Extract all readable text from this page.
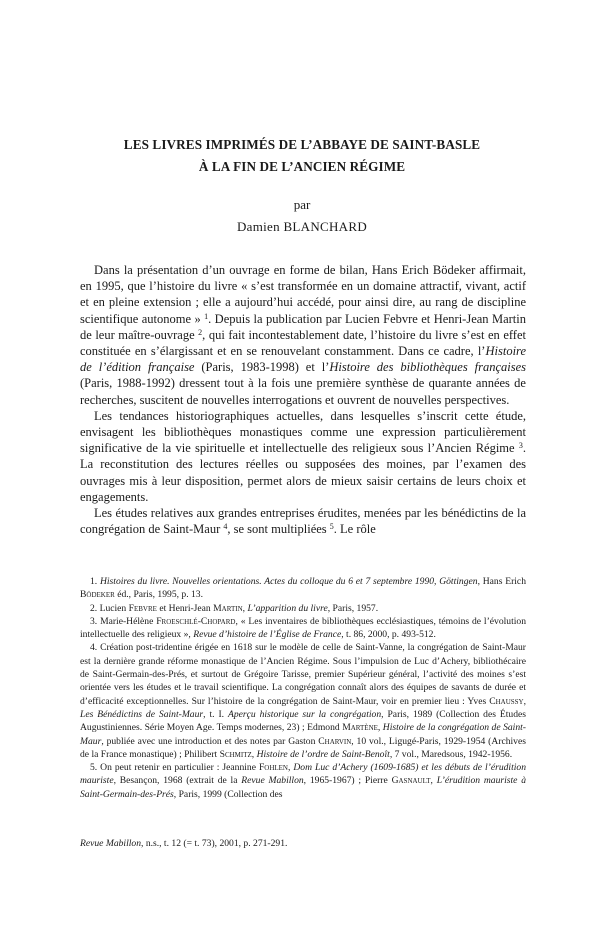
LES LIVRES IMPRIMÉS DE L’ABBAYE DE SAINT-BASLE
À LA FIN DE L’ANCIEN RÉGIME
par
Damien BLANCHARD

Dans la présentation d’un ouvrage en forme de bilan, Hans Erich Bödeker affirmait, en 1995, que l’histoire du livre « s’est transformée en un domaine attractif, vivant, actif et en pleine extension ; elle a aujourd’hui accédé, pour ainsi dire, au rang de discipline scientifique autonome » $^1$. Depuis la publication par Lucien Febvre et Henri-Jean Martin de leur maître-ouvrage $^2$, qui fait incontestablement date, l’histoire du livre s’est en effet constituée en s’élargissant et en se renouvelant constamment. Dans ce cadre, l’Histoire de l’édition française (Paris, 1983-1998) et l’Histoire des bibliothèques françaises (Paris, 1988-1992) dressent tout à la fois une première synthèse de quarante années de recherches, suscitent de nouvelles interrogations et ouvrent de nouvelles perspectives.

Les tendances historiographiques actuelles, dans lesquelles s’inscrit cette étude, envisagent les bibliothèques monastiques comme une expression particulièrement significative de la vie spirituelle et intellectuelle des religieux sous l’Ancien Régime $^3$. La reconstitution des lectures réelles ou supposées des moines, par l’examen des ouvrages mis à leur disposition, permet alors de mieux saisir certains de leurs choix et engagements.

Les études relatives aux grandes entreprises érudites, menées par les bénédictins de la congrégation de Saint-Maur $^4$, se sont multipliées $^5$. Le rôle

1. Histoires du livre. Nouvelles orientations. Actes du colloque du 6 et 7 septembre 1990, Göttingen, Hans Erich Bödeker éd., Paris, 1995, p. 13.

2. Lucien Febvre et Henri-Jean Martin, L’apparition du livre, Paris, 1957.

3. Marie-Hélène Froeschlé-Chopard, « Les inventaires de bibliothèques ecclésiastiques, témoins de l’évolution intellectuelle des religieux », Revue d’histoire de l’Église de France, t. 86, 2000, p. 493-512.

4. Création post-tridentine érigée en 1618 sur le modèle de celle de Saint-Vanne, la congrégation de Saint-Maur est la dernière grande réforme monastique de l’Ancien Régime. Sous l’impulsion de Luc d’Achery, bibliothécaire de Saint-Germain-des-Prés, et surtout de Grégoire Tarisse, premier Supérieur général, l’activité des moines s’est orientée vers les études et le travail scientifique. La congrégation connaît alors des équipes de savants de durée et d’efficacité exceptionnelles. Sur l’histoire de la congrégation de Saint-Maur, voir en premier lieu : Yves Chaussy, Les Bénédictins de Saint-Maur, t. I. Aperçu historique sur la congrégation, Paris, 1989 (Collection des Études Augustiniennes. Série Moyen Age. Temps modernes, 23) ; Edmond Martène, Histoire de la congrégation de Saint-Maur, publiée avec une introduction et des notes par Gaston Charvin, 10 vol., Ligugé-Paris, 1929-1954 (Archives de la France monastique) ; Philibert Schmitz, Histoire de l’ordre de Saint-Benoît, 7 vol., Maredsous, 1942-1956.

5. On peut retenir en particulier : Jeannine Fohlen, Dom Luc d’Achery (1609-1685) et les débuts de l’érudition mauriste, Besançon, 1968 (extrait de la Revue Mabillon, 1965-1967) ; Pierre Gasnault, L’érudition mauriste à Saint-Germain-des-Prés, Paris, 1999 (Collection des

Revue Mabillon, n.s., t. 12 (= t. 73), 2001, p. 271-291.
